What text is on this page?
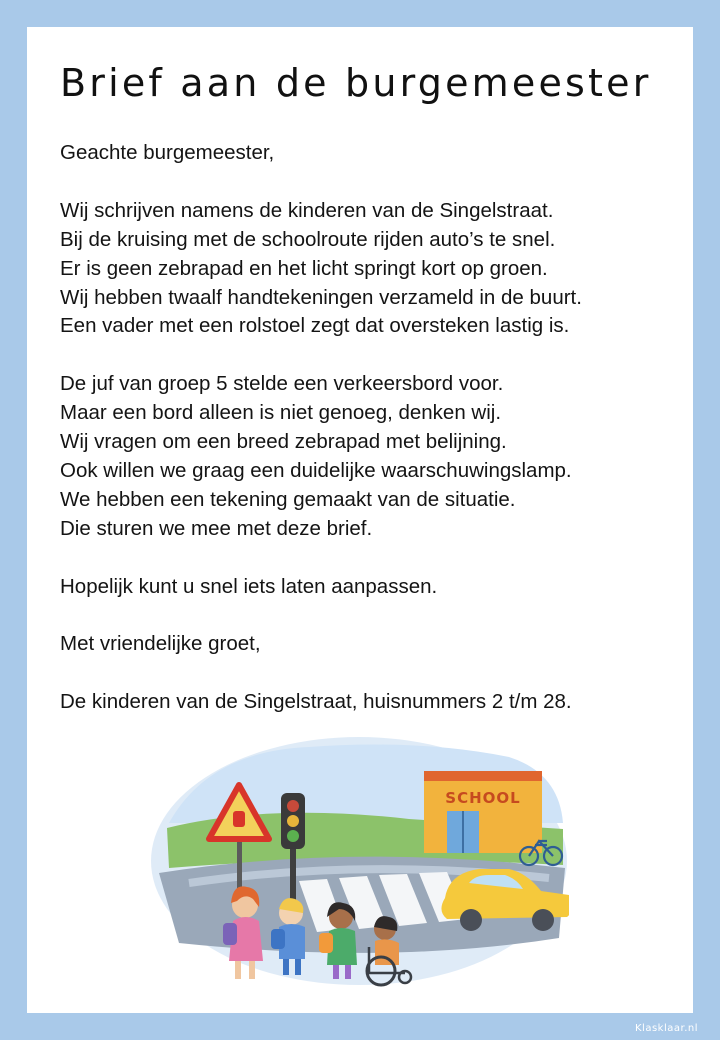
Brief aan de burgemeester

Geachte burgemeester,

Wij schrijven namens de kinderen van de Singelstraat.
Bij de kruising met de schoolroute rijden auto’s te snel.
Er is geen zebrapad en het licht springt kort op groen.
Wij hebben twaalf handtekeningen verzameld in de buurt.
Een vader met een rolstoel zegt dat oversteken lastig is.

De juf van groep 5 stelde een verkeersbord voor.
Maar een bord alleen is niet genoeg, denken wij.
Wij vragen om een breed zebrapad met belijning.
Ook willen we graag een duidelijke waarschuwingslamp.
We hebben een tekening gemaakt van de situatie.
Die sturen we mee met deze brief.

Hopelijk kunt u snel iets laten aanpassen.

Met vriendelijke groet,

De kinderen van de Singelstraat, huisnummers 2 t/m 28.

SCHOOL
Klasklaar.nl
